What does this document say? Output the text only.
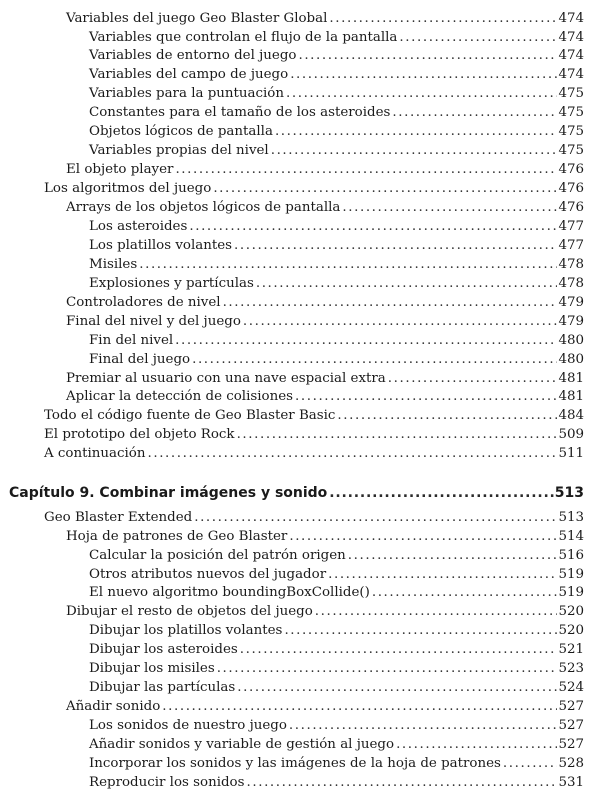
Variables del juego Geo Blaster Global .....	474
Variables que controlan el flujo de la pantalla .....	474
Variables de entorno del juego .....	474
Variables del campo de juego .....	474
Variables para la puntuación .....	475
Constantes para el tamaño de los asteroides .....	475
Objetos lógicos de pantalla .....	475
Variables propias del nivel .....	475
El objeto player .....	476
Los algoritmos del juego .....	476
Arrays de los objetos lógicos de pantalla .....	476
Los asteroides .....	477
Los platillos volantes .....	477
Misiles .....	478
Explosiones y partículas .....	478
Controladores de nivel .....	479
Final del nivel y del juego .....	479
Fin del nivel .....	480
Final del juego .....	480
Premiar al usuario con una nave espacial extra .....	481
Aplicar la detección de colisiones .....	481
Todo el código fuente de Geo Blaster Basic .....	484
El prototipo del objeto Rock .....	509
A continuación .....	511
Capítulo 9. Combinar imágenes y sonido .....	513
Geo Blaster Extended .....	513
Hoja de patrones de Geo Blaster .....	514
Calcular la posición del patrón origen .....	516
Otros atributos nuevos del jugador .....	519
El nuevo algoritmo boundingBoxCollide() .....	519
Dibujar el resto de objetos del juego .....	520
Dibujar los platillos volantes .....	520
Dibujar los asteroides .....	521
Dibujar los misiles .....	523
Dibujar las partículas .....	524
Añadir sonido .....	527
Los sonidos de nuestro juego .....	527
Añadir sonidos y variable de gestión al juego .....	527
Incorporar los sonidos y las imágenes de la hoja de patrones .....	528
Reproducir los sonidos .....	531
